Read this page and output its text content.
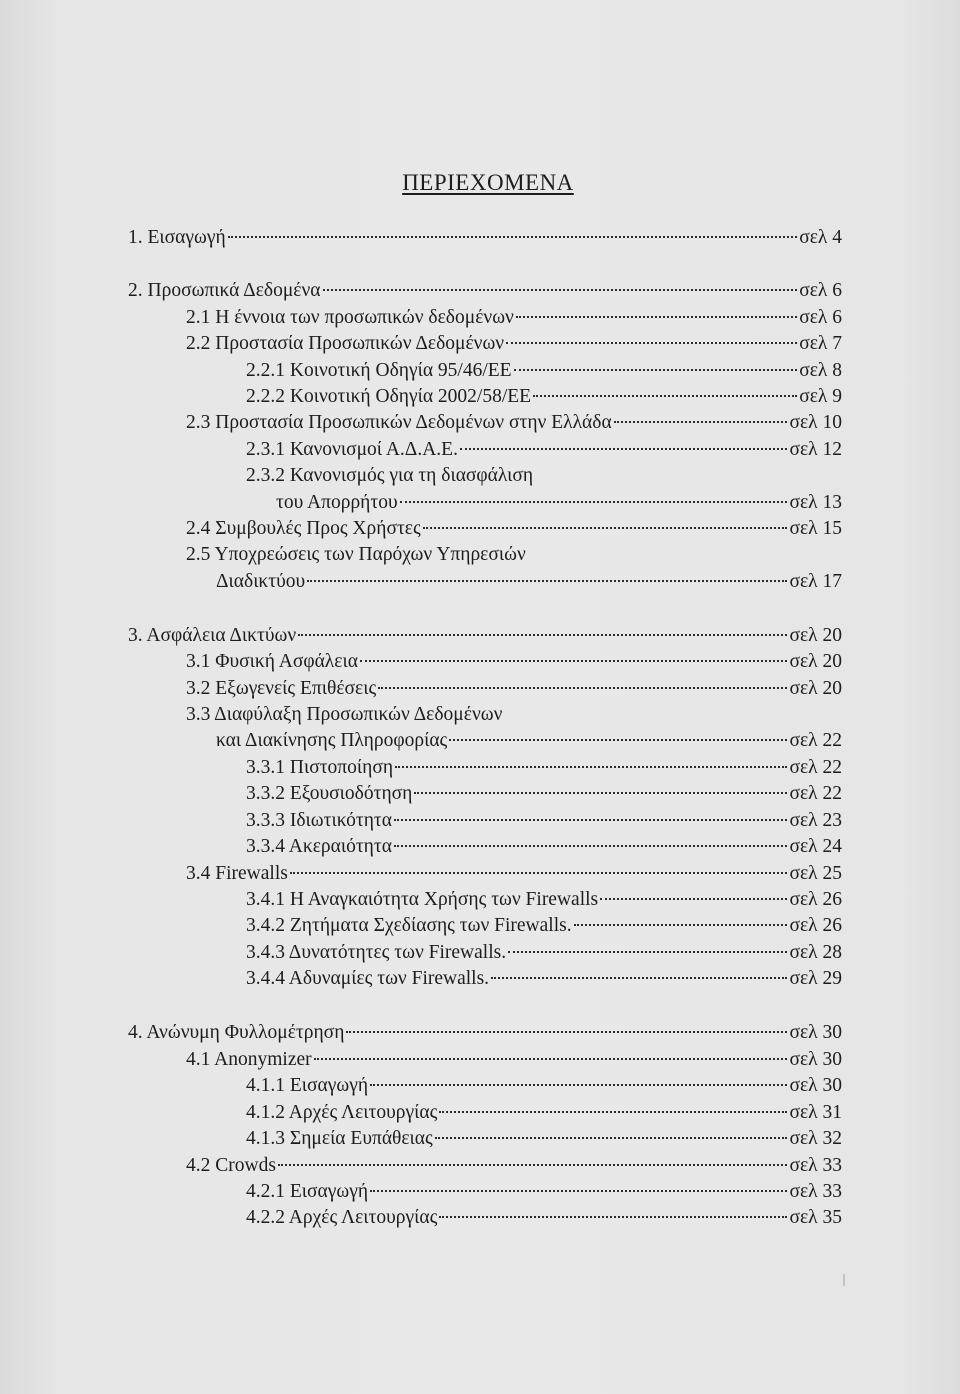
ΠΕΡΙΕΧΟΜΕΝΑ
1. Εισαγωγή	σελ 4
2. Προσωπικά Δεδομένα	σελ 6
2.1 Η έννοια των προσωπικών δεδομένων	σελ 6
2.2 Προστασία Προσωπικών Δεδομένων	σελ 7
2.2.1 Κοινοτική Οδηγία 95/46/ΕΕ	σελ 8
2.2.2 Κοινοτική Οδηγία 2002/58/ΕΕ	σελ 9
2.3 Προστασία Προσωπικών Δεδομένων στην Ελλάδα	σελ 10
2.3.1 Κανονισμοί Α.Δ.Α.Ε.	σελ 12
2.3.2 Κανονισμός για τη διασφάλιση
του Απορρήτου	σελ 13
2.4 Συμβουλές Προς Χρήστες	σελ 15
2.5 Υποχρεώσεις των Παρόχων Υπηρεσιών
Διαδικτύου	σελ 17
3. Ασφάλεια Δικτύων	σελ 20
3.1 Φυσική Ασφάλεια	σελ 20
3.2 Εξωγενείς Επιθέσεις	σελ 20
3.3 Διαφύλαξη Προσωπικών Δεδομένων
και Διακίνησης Πληροφορίας	σελ 22
3.3.1 Πιστοποίηση	σελ 22
3.3.2 Εξουσιοδότηση	σελ 22
3.3.3 Ιδιωτικότητα	σελ 23
3.3.4 Ακεραιότητα	σελ 24
3.4 Firewalls	σελ 25
3.4.1 Η Αναγκαιότητα Χρήσης των Firewalls	σελ 26
3.4.2 Ζητήματα Σχεδίασης των Firewalls.	σελ 26
3.4.3 Δυνατότητες των Firewalls.	σελ 28
3.4.4 Αδυναμίες των Firewalls.	σελ 29
4. Ανώνυμη Φυλλομέτρηση	σελ 30
4.1 Anonymizer	σελ 30
4.1.1 Εισαγωγή	σελ 30
4.1.2 Αρχές Λειτουργίας	σελ 31
4.1.3 Σημεία Ευπάθειας	σελ 32
4.2 Crowds	σελ 33
4.2.1 Εισαγωγή	σελ 33
4.2.2 Αρχές Λειτουργίας	σελ 35
